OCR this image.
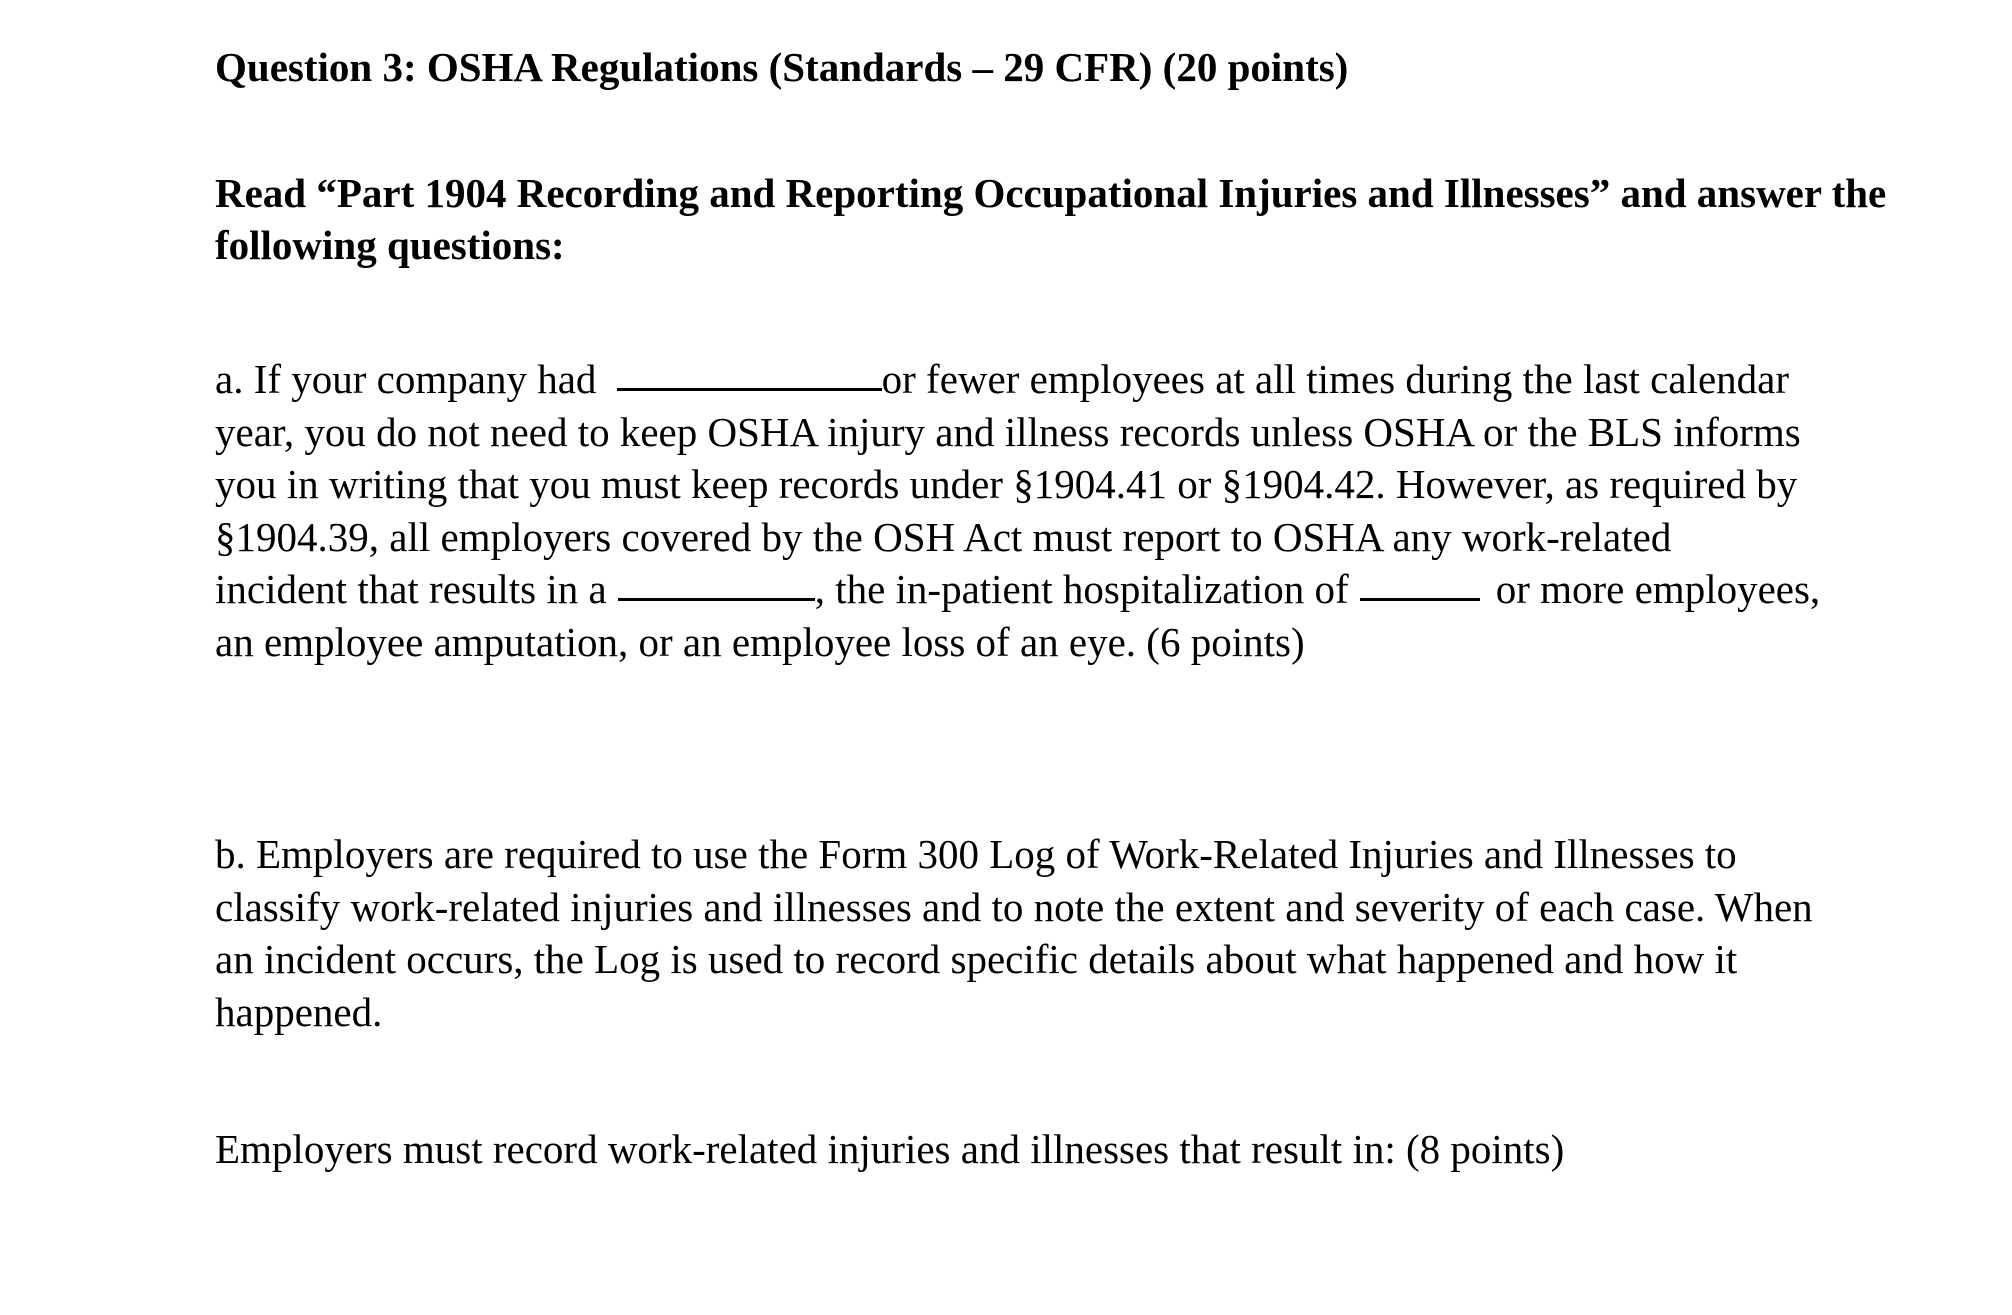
Question 3: OSHA Regulations (Standards – 29 CFR) (20 points)

Read “Part 1904 Recording and Reporting Occupational Injuries and Illnesses” and answer the following questions:

a. If your company had	or fewer employees at all times during the last calendar
year, you do not need to keep OSHA injury and illness records unless OSHA or the BLS informs
you in writing that you must keep records under §1904.41 or §1904.42. However, as required by
§1904.39, all employers covered by the OSH Act must report to OSHA any work-related
incident that results in a	, the in-patient hospitalization of	or more employees,
an employee amputation, or an employee loss of an eye. (6 points)

b. Employers are required to use the Form 300 Log of Work-Related Injuries and Illnesses to
classify work-related injuries and illnesses and to note the extent and severity of each case. When
an incident occurs, the Log is used to record specific details about what happened and how it
happened.

Employers must record work-related injuries and illnesses that result in: (8 points)
